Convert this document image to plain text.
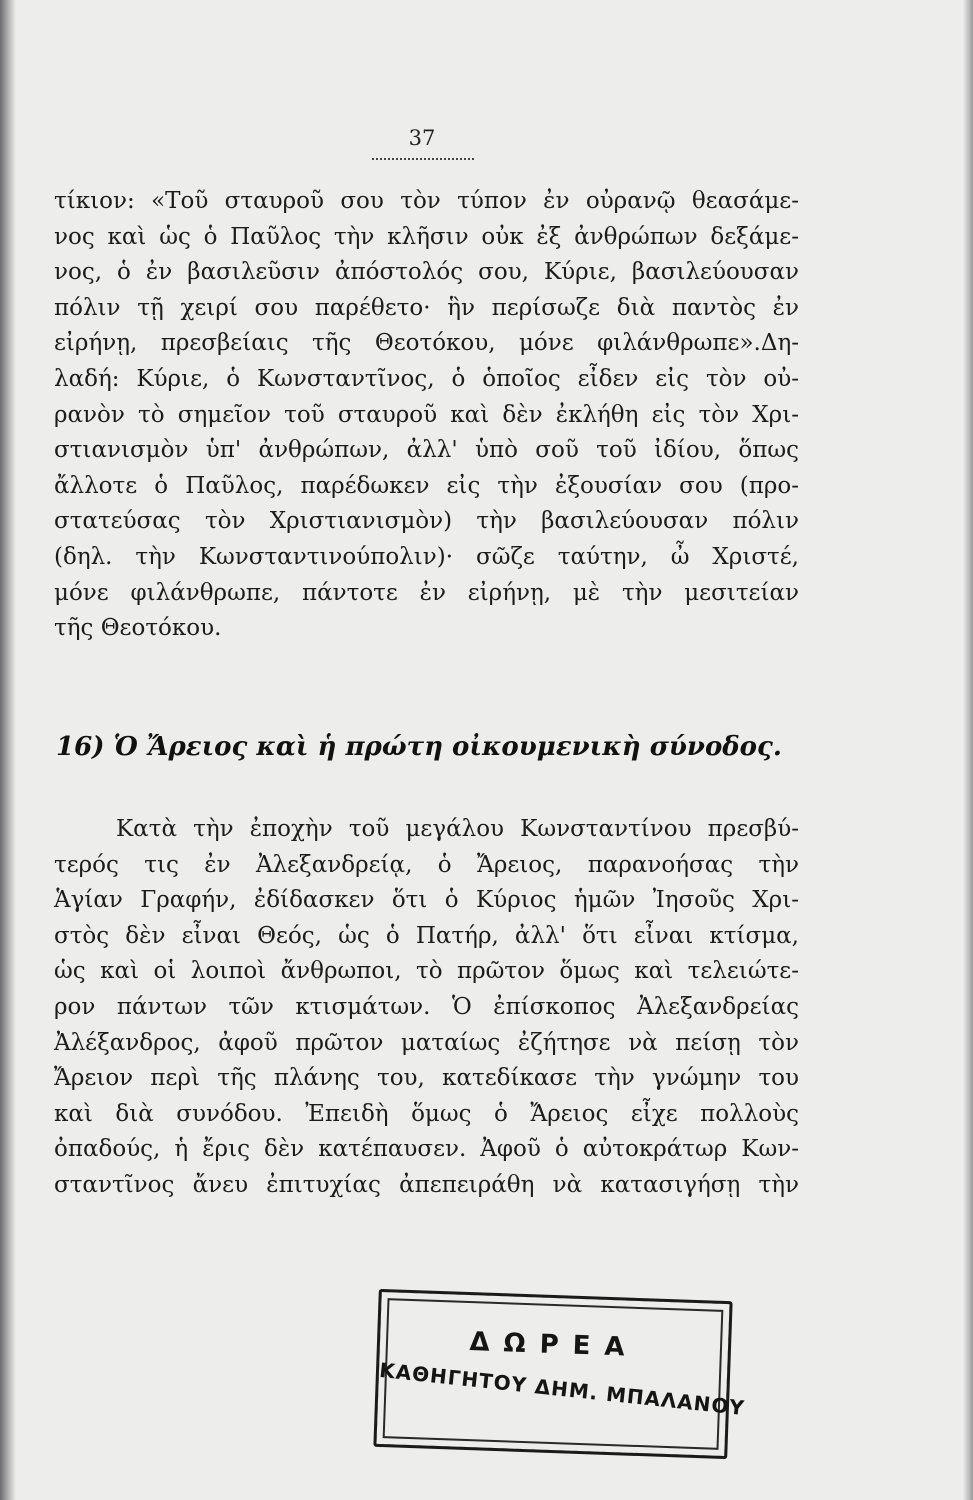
37
τίκιον: «Τοῦ σταυροῦ σου τὸν τύπον ἐν οὐρανῷ θεασάμε-
νος καὶ ὡς ὁ Παῦλος τὴν κλῆσιν οὐκ ἐξ ἀνθρώπων δεξάμε-
νος, ὁ ἐν βασιλεῦσιν ἀπόστολός σου, Κύριε, βασιλεύουσαν
πόλιν τῇ χειρί σου παρέθετο· ἣν περίσωζε διὰ παντὸς ἐν
εἰρήνῃ, πρεσβείαις τῆς Θεοτόκου, μόνε φιλάνθρωπε».Δη-
λαδή: Κύριε, ὁ Κωνσταντῖνος, ὁ ὁποῖος εἶδεν εἰς τὸν οὐ-
ρανὸν τὸ σημεῖον τοῦ σταυροῦ καὶ δὲν ἐκλήθη εἰς τὸν Χρι-
στιανισμὸν ὑπ' ἀνθρώπων, ἀλλ' ὑπὸ σοῦ τοῦ ἰδίου, ὅπως
ἄλλοτε ὁ Παῦλος, παρέδωκεν εἰς τὴν ἐξουσίαν σου (προ-
στατεύσας τὸν Χριστιανισμὸν) τὴν βασιλεύουσαν πόλιν
(δηλ. τὴν Κωνσταντινούπολιν)· σῶζε ταύτην, ὦ Χριστέ,
μόνε φιλάνθρωπε, πάντοτε ἐν εἰρήνῃ, μὲ τὴν μεσιτείαν
τῆς Θεοτόκου.
16) Ὁ Ἄρειος καὶ ἡ πρώτη οἰκουμενικὴ σύνοδος.
Κατὰ τὴν ἐποχὴν τοῦ μεγάλου Κωνσταντίνου πρεσβύ-
τερός τις ἐν Ἀλεξανδρείᾳ, ὁ Ἄρειος, παρανοήσας τὴν
Ἁγίαν Γραφήν, ἐδίδασκεν ὅτι ὁ Κύριος ἡμῶν Ἰησοῦς Χρι-
στὸς δὲν εἶναι Θεός, ὡς ὁ Πατήρ, ἀλλ' ὅτι εἶναι κτίσμα,
ὡς καὶ οἱ λοιποὶ ἄνθρωποι, τὸ πρῶτον ὅμως καὶ τελειώτε-
ρον πάντων τῶν κτισμάτων. Ὁ ἐπίσκοπος Ἀλεξανδρείας
Ἀλέξανδρος, ἀφοῦ πρῶτον ματαίως ἐζήτησε νὰ πείσῃ τὸν
Ἄρειον περὶ τῆς πλάνης του, κατεδίκασε τὴν γνώμην του
καὶ διὰ συνόδου. Ἐπειδὴ ὅμως ὁ Ἄρειος εἶχε πολλοὺς
ὀπαδούς, ἡ ἔρις δὲν κατέπαυσεν. Ἀφοῦ ὁ αὐτοκράτωρ Κων-
σταντῖνος ἄνευ ἐπιτυχίας ἀπεπειράθη νὰ κατασιγήσῃ τὴν
ΔΩΡΕΑ
ΚΑΘΗΓΗΤΟΥ ΔΗΜ. ΜΠΑΛΑΝΟΥ
